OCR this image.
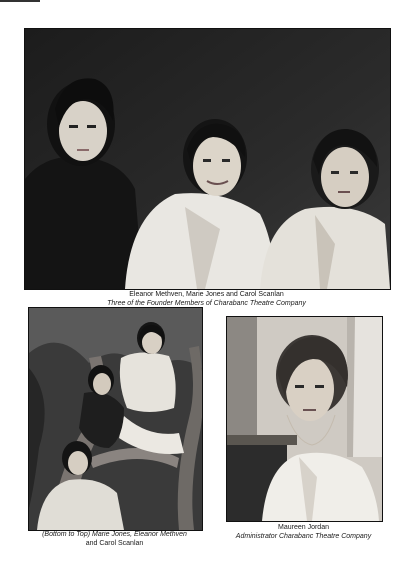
Eleanor Methven, Marie Jones and Carol Scanlan
Three of the Founder Members of Charabanc Theatre Company
(Bottom to Top) Marie Jones, Eleanor Methven
and Carol Scanlan
Maureen Jordan
Administrator Charabanc Theatre Company
